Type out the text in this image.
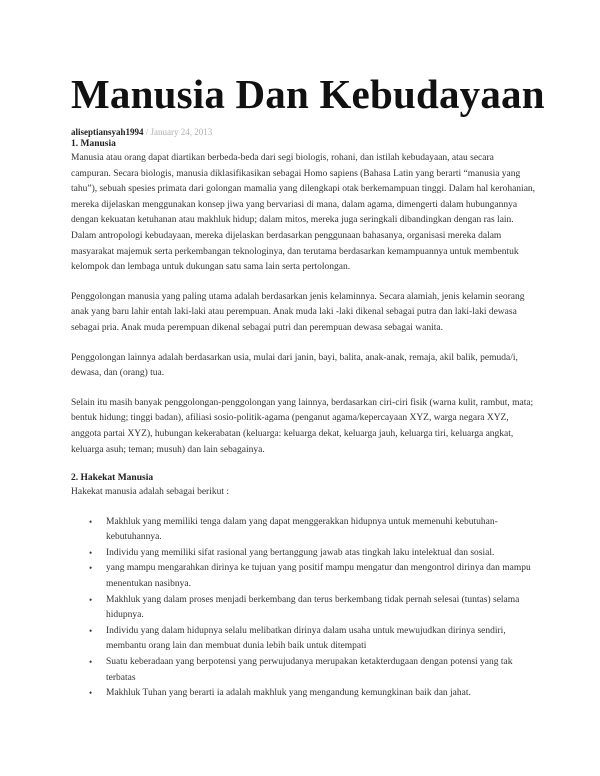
Manusia Dan Kebudayaan
aliseptiansyah1994 / January 24, 2013
1. Manusia

Manusia atau orang dapat diartikan berbeda-beda dari segi biologis, rohani, dan istilah kebudayaan, atau secara campuran. Secara biologis, manusia diklasifikasikan sebagai Homo sapiens (Bahasa Latin yang berarti “manusia yang tahu”), sebuah spesies primata dari golongan mamalia yang dilengkapi otak berkemampuan tinggi. Dalam hal kerohanian, mereka dijelaskan menggunakan konsep jiwa yang bervariasi di mana, dalam agama, dimengerti dalam hubungannya dengan kekuatan ketuhanan atau makhluk hidup; dalam mitos, mereka juga seringkali dibandingkan dengan ras lain. Dalam antropologi kebudayaan, mereka dijelaskan berdasarkan penggunaan bahasanya, organisasi mereka dalam masyarakat majemuk serta perkembangan teknologinya, dan terutama berdasarkan kemampuannya untuk membentuk kelompok dan lembaga untuk dukungan satu sama lain serta pertolongan.

Penggolongan manusia yang paling utama adalah berdasarkan jenis kelaminnya. Secara alamiah, jenis kelamin seorang anak yang baru lahir entah laki-laki atau perempuan. Anak muda laki -laki dikenal sebagai putra dan laki-laki dewasa sebagai pria. Anak muda perempuan dikenal sebagai putri dan perempuan dewasa sebagai wanita.

Penggolongan lainnya adalah berdasarkan usia, mulai dari janin, bayi, balita, anak-anak, remaja, akil balik, pemuda/i, dewasa, dan (orang) tua.

Selain itu masih banyak penggolongan-penggolongan yang lainnya, berdasarkan ciri-ciri fisik (warna kulit, rambut, mata; bentuk hidung; tinggi badan), afiliasi sosio-politik-agama (penganut agama/kepercayaan XYZ, warga negara XYZ, anggota partai XYZ), hubungan kekerabatan (keluarga: keluarga dekat, keluarga jauh, keluarga tiri, keluarga angkat, keluarga asuh; teman; musuh) dan lain sebagainya.

2. Hakekat Manusia

Hakekat manusia adalah sebagai berikut :

• Makhluk yang memiliki tenga dalam yang dapat menggerakkan hidupnya untuk memenuhi kebutuhan-kebutuhannya.
• Individu yang memiliki sifat rasional yang bertanggung jawab atas tingkah laku intelektual dan sosial.
• yang mampu mengarahkan dirinya ke tujuan yang positif mampu mengatur dan mengontrol dirinya dan mampu menentukan nasibnya.
• Makhluk yang dalam proses menjadi berkembang dan terus berkembang tidak pernah selesai (tuntas) selama hidupnya.
• Individu yang dalam hidupnya selalu melibatkan dirinya dalam usaha untuk mewujudkan dirinya sendiri, membantu orang lain dan membuat dunia lebih baik untuk ditempati
• Suatu keberadaan yang berpotensi yang perwujudanya merupakan ketakterdugaan dengan potensi yang tak terbatas
• Makhluk Tuhan yang berarti ia adalah makhluk yang mengandung kemungkinan baik dan jahat.
